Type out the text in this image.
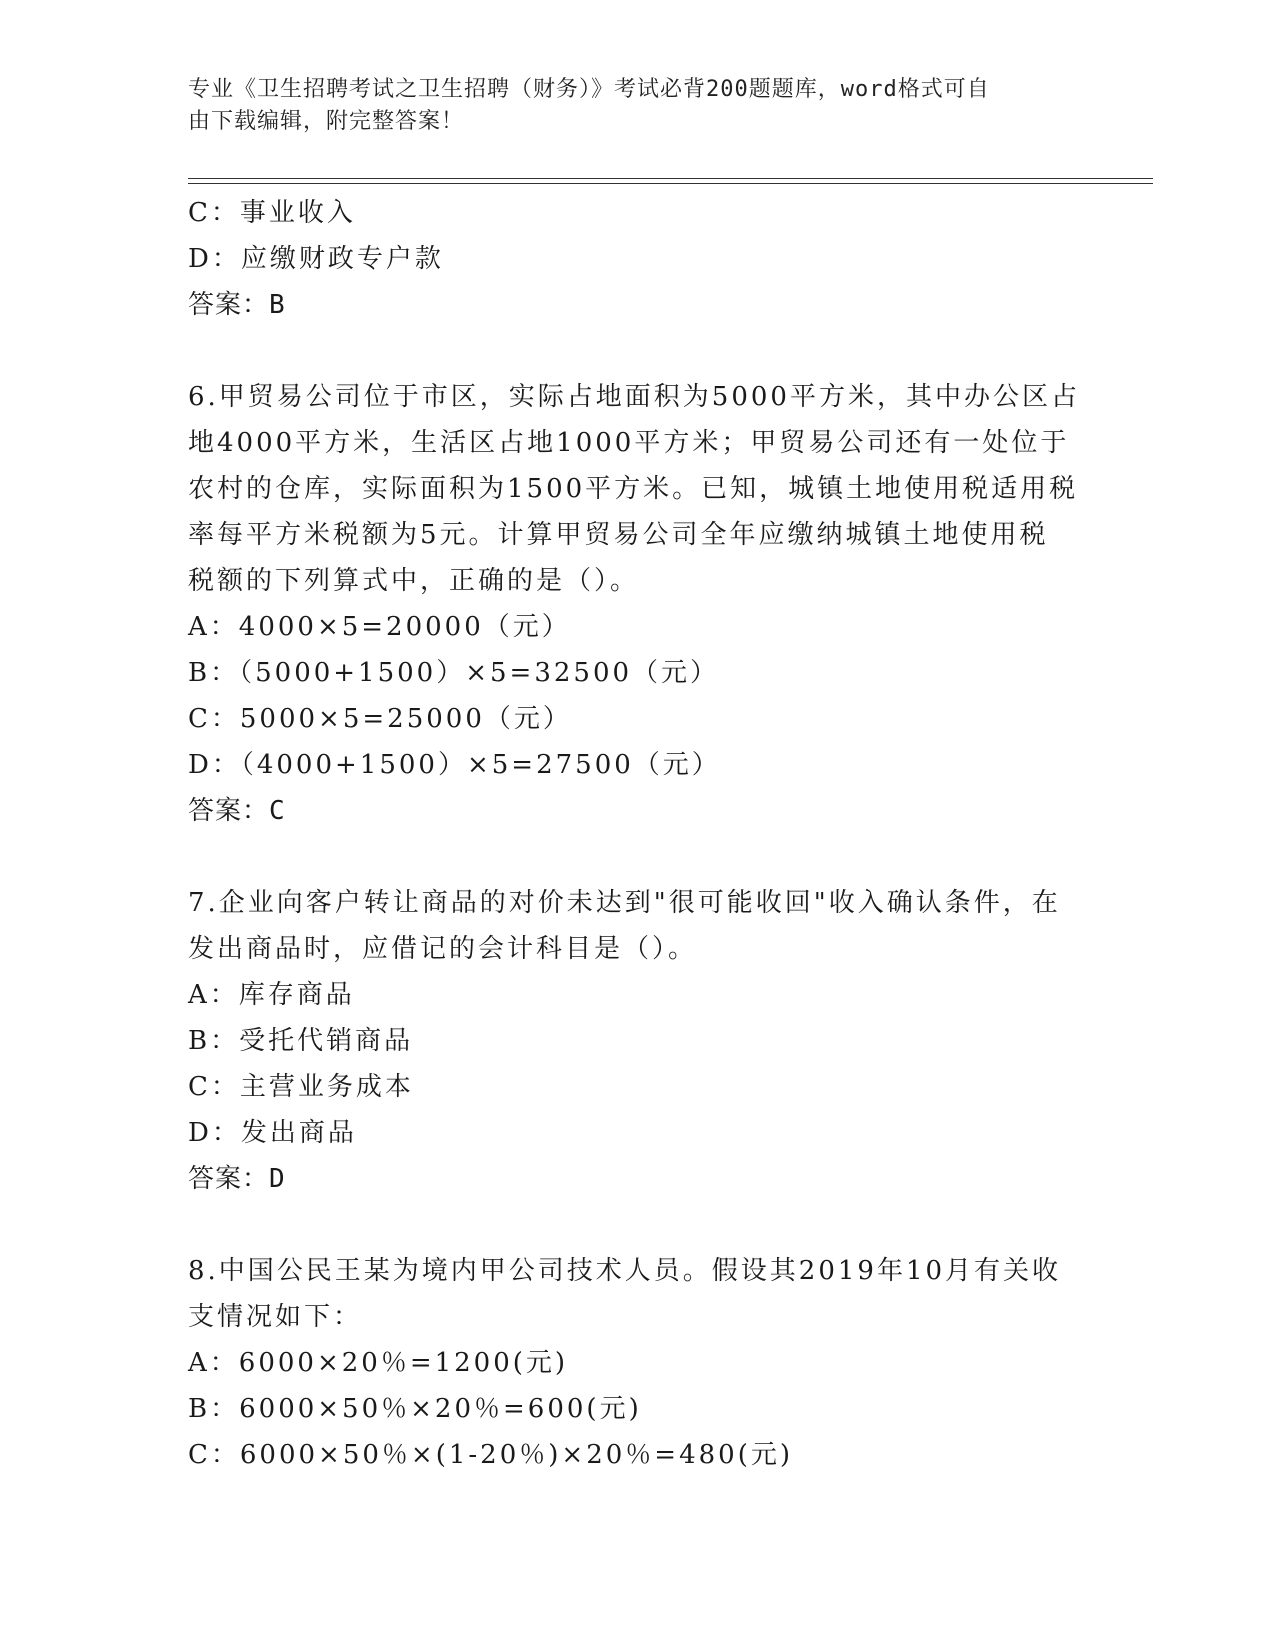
专业《卫生招聘考试之卫生招聘（财务）》考试必背200题题库，word格式可自
由下载编辑，附完整答案！
C：事业收入
D：应缴财政专户款
答案：B
6.甲贸易公司位于市区，实际占地面积为5000平方米，其中办公区占
地4000平方米，生活区占地1000平方米；甲贸易公司还有一处位于
农村的仓库，实际面积为1500平方米。已知，城镇土地使用税适用税
率每平方米税额为5元。计算甲贸易公司全年应缴纳城镇土地使用税
税额的下列算式中，正确的是（）。
A：4000×5=20000（元）
B：（5000+1500）×5=32500（元）
C：5000×5=25000（元）
D：（4000+1500）×5=27500（元）
答案：C
7.企业向客户转让商品的对价未达到"很可能收回"收入确认条件，在
发出商品时，应借记的会计科目是（）。
A：库存商品
B：受托代销商品
C：主营业务成本
D：发出商品
答案：D
8.中国公民王某为境内甲公司技术人员。假设其2019年10月有关收
支情况如下：
A：6000×20％=1200(元)
B：6000×50％×20％=600(元)
C：6000×50％×(1-20％)×20％=480(元)
